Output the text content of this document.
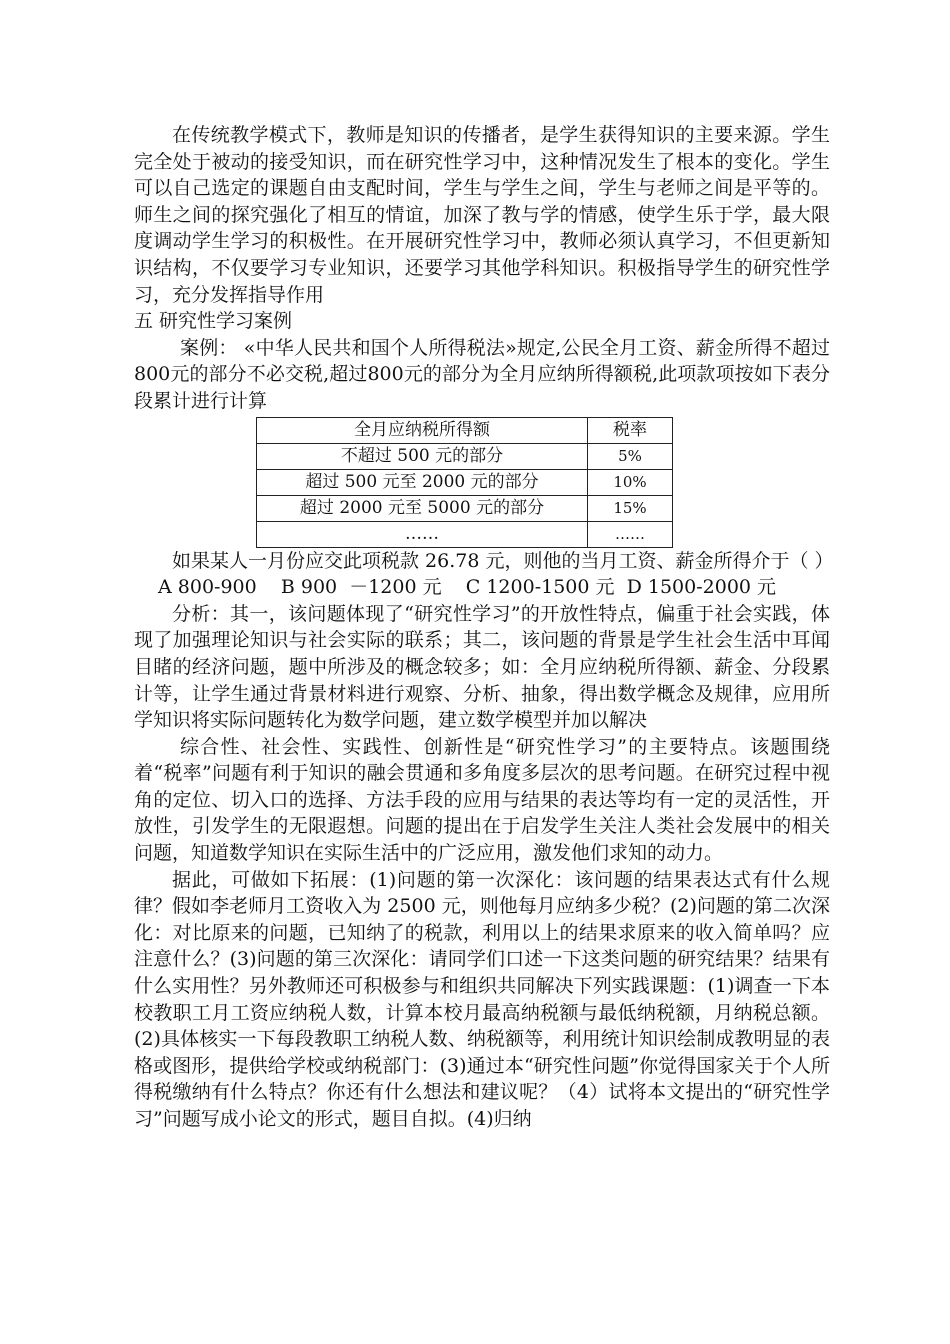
在传统教学模式下，教师是知识的传播者，是学生获得知识的主要来源。学生完全处于被动的接受知识，而在研究性学习中，这种情况发生了根本的变化。学生可以自己选定的课题自由支配时间，学生与学生之间，学生与老师之间是平等的。师生之间的探究强化了相互的情谊，加深了教与学的情感，使学生乐于学，最大限度调动学生学习的积极性。在开展研究性学习中，教师必须认真学习，不但更新知识结构，不仅要学习专业知识，还要学习其他学科知识。积极指导学生的研究性学习，充分发挥指导作用

五 研究性学习案例

案例： «中华人民共和国个人所得税法»规定,公民全月工资、薪金所得不超过800元的部分不必交税,超过800元的部分为全月应纳所得额税,此项款项按如下表分段累计进行计算

全月应纳税所得额	税率
不超过 500 元的部分	5%
超过 500 元至 2000 元的部分	10%
超过 2000 元至 5000 元的部分	15%
……	……

如果某人一月份应交此项税款 26.78 元，则他的当月工资、薪金所得介于（ ）

A 800-900    B 900  －1200 元    C 1200-1500 元  D 1500-2000 元

分析：其一，该问题体现了“研究性学习”的开放性特点，偏重于社会实践，体现了加强理论知识与社会实际的联系；其二，该问题的背景是学生社会生活中耳闻目睹的经济问题，题中所涉及的概念较多；如：全月应纳税所得额、薪金、分段累计等，让学生通过背景材料进行观察、分析、抽象，得出数学概念及规律，应用所学知识将实际问题转化为数学问题，建立数学模型并加以解决

综合性、社会性、实践性、创新性是“研究性学习”的主要特点。该题围绕着“税率”问题有利于知识的融会贯通和多角度多层次的思考问题。在研究过程中视角的定位、切入口的选择、方法手段的应用与结果的表达等均有一定的灵活性，开放性，引发学生的无限遐想。问题的提出在于启发学生关注人类社会发展中的相关问题，知道数学知识在实际生活中的广泛应用，激发他们求知的动力。

据此，可做如下拓展：(1)问题的第一次深化：该问题的结果表达式有什么规律？假如李老师月工资收入为 2500 元，则他每月应纳多少税？(2)问题的第二次深化：对比原来的问题，已知纳了的税款，利用以上的结果求原来的收入简单吗？应注意什么？(3)问题的第三次深化：请同学们口述一下这类问题的研究结果？结果有什么实用性？另外教师还可积极参与和组织共同解决下列实践课题：(1)调查一下本校教职工月工资应纳税人数，计算本校月最高纳税额与最低纳税额，月纳税总额。(2)具体核实一下每段教职工纳税人数、纳税额等，利用统计知识绘制成教明显的表格或图形，提供给学校或纳税部门：(3)通过本“研究性问题”你觉得国家关于个人所得税缴纳有什么特点？你还有什么想法和建议呢？（4）试将本文提出的“研究性学习”问题写成小论文的形式，题目自拟。(4)归纳
